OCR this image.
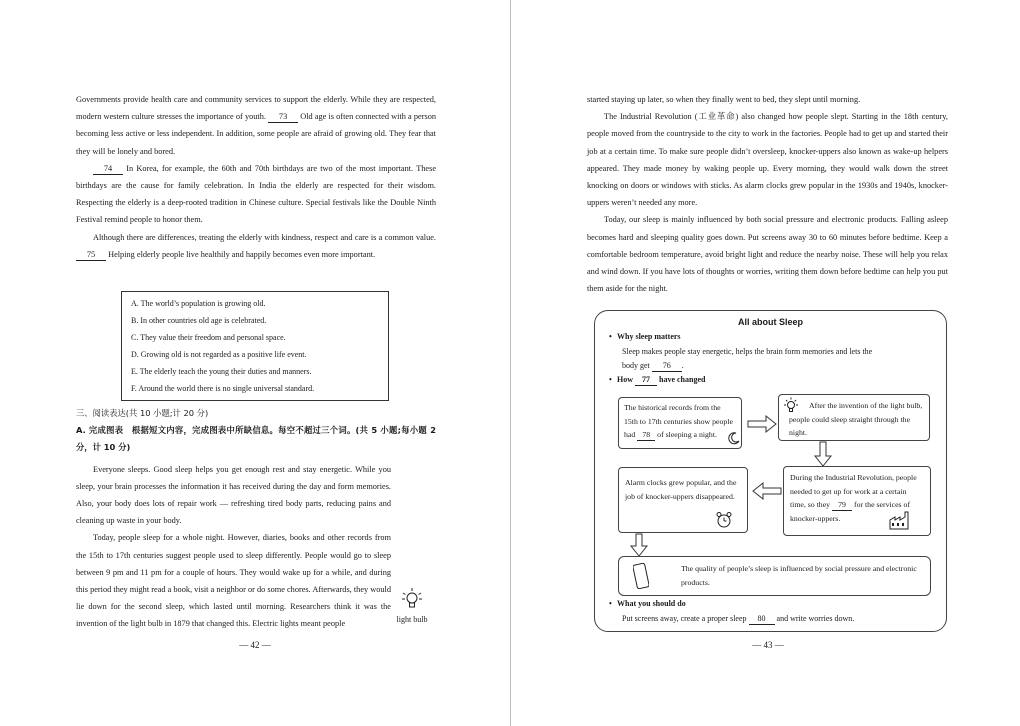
Governments provide health care and community services to support the elderly. While they are respected, modern western culture stresses the importance of youth. 73 Old age is often connected with a person becoming less active or less independent. In addition, some people are afraid of growing old. They fear that they will be lonely and bored.

74 In Korea, for example, the 60th and 70th birthdays are two of the most important. These birthdays are the cause for family celebration. In India the elderly are respected for their wisdom. Respecting the elderly is a deep-rooted tradition in Chinese culture. Special festivals like the Double Ninth Festival remind people to honor them.

Although there are differences, treating the elderly with kindness, respect and care is a common value. 75 Helping elderly people live healthily and happily becomes even more important.

A. The world’s population is growing old.
B. In other countries old age is celebrated.
C. They value their freedom and personal space.
D. Growing old is not regarded as a positive life event.
E. The elderly teach the young their duties and manners.
F. Around the world there is no single universal standard.

三、阅读表达(共 10 小题;计 20 分)

A. 完成图表　根据短文内容，完成图表中所缺信息。每空不超过三个词。(共 5 小题;每小题 2 分，计 10 分)

Everyone sleeps. Good sleep helps you get enough rest and stay energetic. While you sleep, your brain processes the information it has received during the day and form memories. Also, your body does lots of repair work — refreshing tired body parts, reducing pains and cleaning up waste in your body.

Today, people sleep for a whole night. However, diaries, books and other records from the 15th to 17th centuries suggest people used to sleep differently. People would go to sleep between 9 pm and 11 pm for a couple of hours. They would wake up for a while, and during this period they might read a book, visit a neighbor or do some chores. Afterwards, they would lie down for the second sleep, which lasted until morning. Researchers think it was the invention of the light bulb in 1879 that changed this. Electric lights meant people	light bulb
— 42 —

started staying up later, so when they finally went to bed, they slept until morning.

The Industrial Revolution (工业革命) also changed how people slept. Starting in the 18th century, people moved from the countryside to the city to work in the factories. People had to get up and started their job at a certain time. To make sure people didn’t oversleep, knocker-uppers also known as wake-up helpers appeared. They made money by waking people up. Every morning, they would walk down the street knocking on doors or windows with sticks. As alarm clocks grew popular in the 1930s and 1940s, knocker-uppers weren’t needed any more.

Today, our sleep is mainly influenced by both social pressure and electronic products. Falling asleep becomes hard and sleeping quality goes down. Put screens away 30 to 60 minutes before bedtime. Keep a comfortable bedroom temperature, avoid bright light and reduce the nearby noise. These will help you relax and wind down. If you have lots of thoughts or worries, writing them down before bedtime can help you put them aside for the night.

All about Sleep
• Why sleep matters
Sleep makes people stay energetic, helps the brain form memories and lets the
body get 76 .
• How 77 have changed
The historical records from the 15th to 17th centuries show people had 78 of sleeping a night.
After the invention of the light bulb, people could sleep straight through the night.
During the Industrial Revolution, people needed to get up for work at a certain time, so they 79 for the services of knocker-uppers.
Alarm clocks grew popular, and the job of knocker-uppers disappeared.
The quality of people’s sleep is influenced by social pressure and electronic products.
• What you should do
Put screens away, create a proper sleep 80 and write worries down.
— 43 —
